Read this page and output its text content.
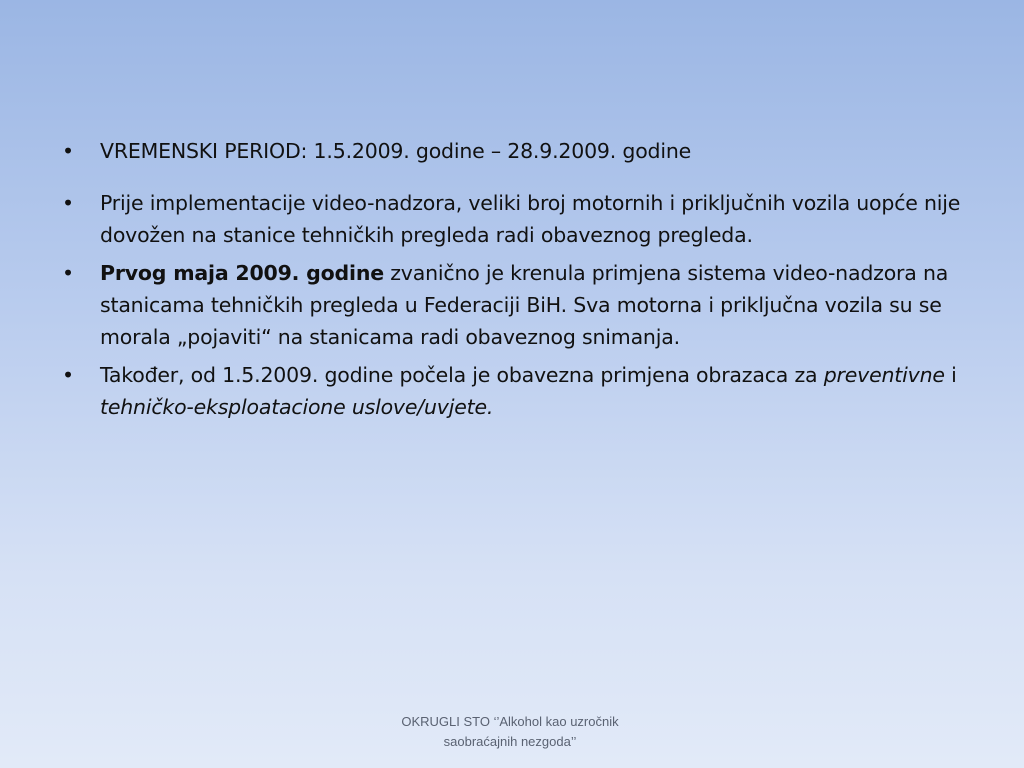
•	VREMENSKI PERIOD: 1.5.2009. godine – 28.9.2009. godine
•	Prije implementacije video-nadzora, veliki broj motornih i priključnih vozila uopće nije dovožen na stanice tehničkih pregleda radi obaveznog pregleda.
•	Prvog maja 2009. godine zvanično je krenula primjena sistema video-nadzora na stanicama tehničkih pregleda u Federaciji BiH. Sva motorna i priključna vozila su se morala „pojaviti“ na stanicama radi obaveznog snimanja.
•	Također, od 1.5.2009. godine počela je obavezna primjena obrazaca za preventivne i tehničko-eksploatacione uslove/uvjete.
OKRUGLI STO ‘’Alkohol kao uzročnik
saobraćajnih nezgoda’’
